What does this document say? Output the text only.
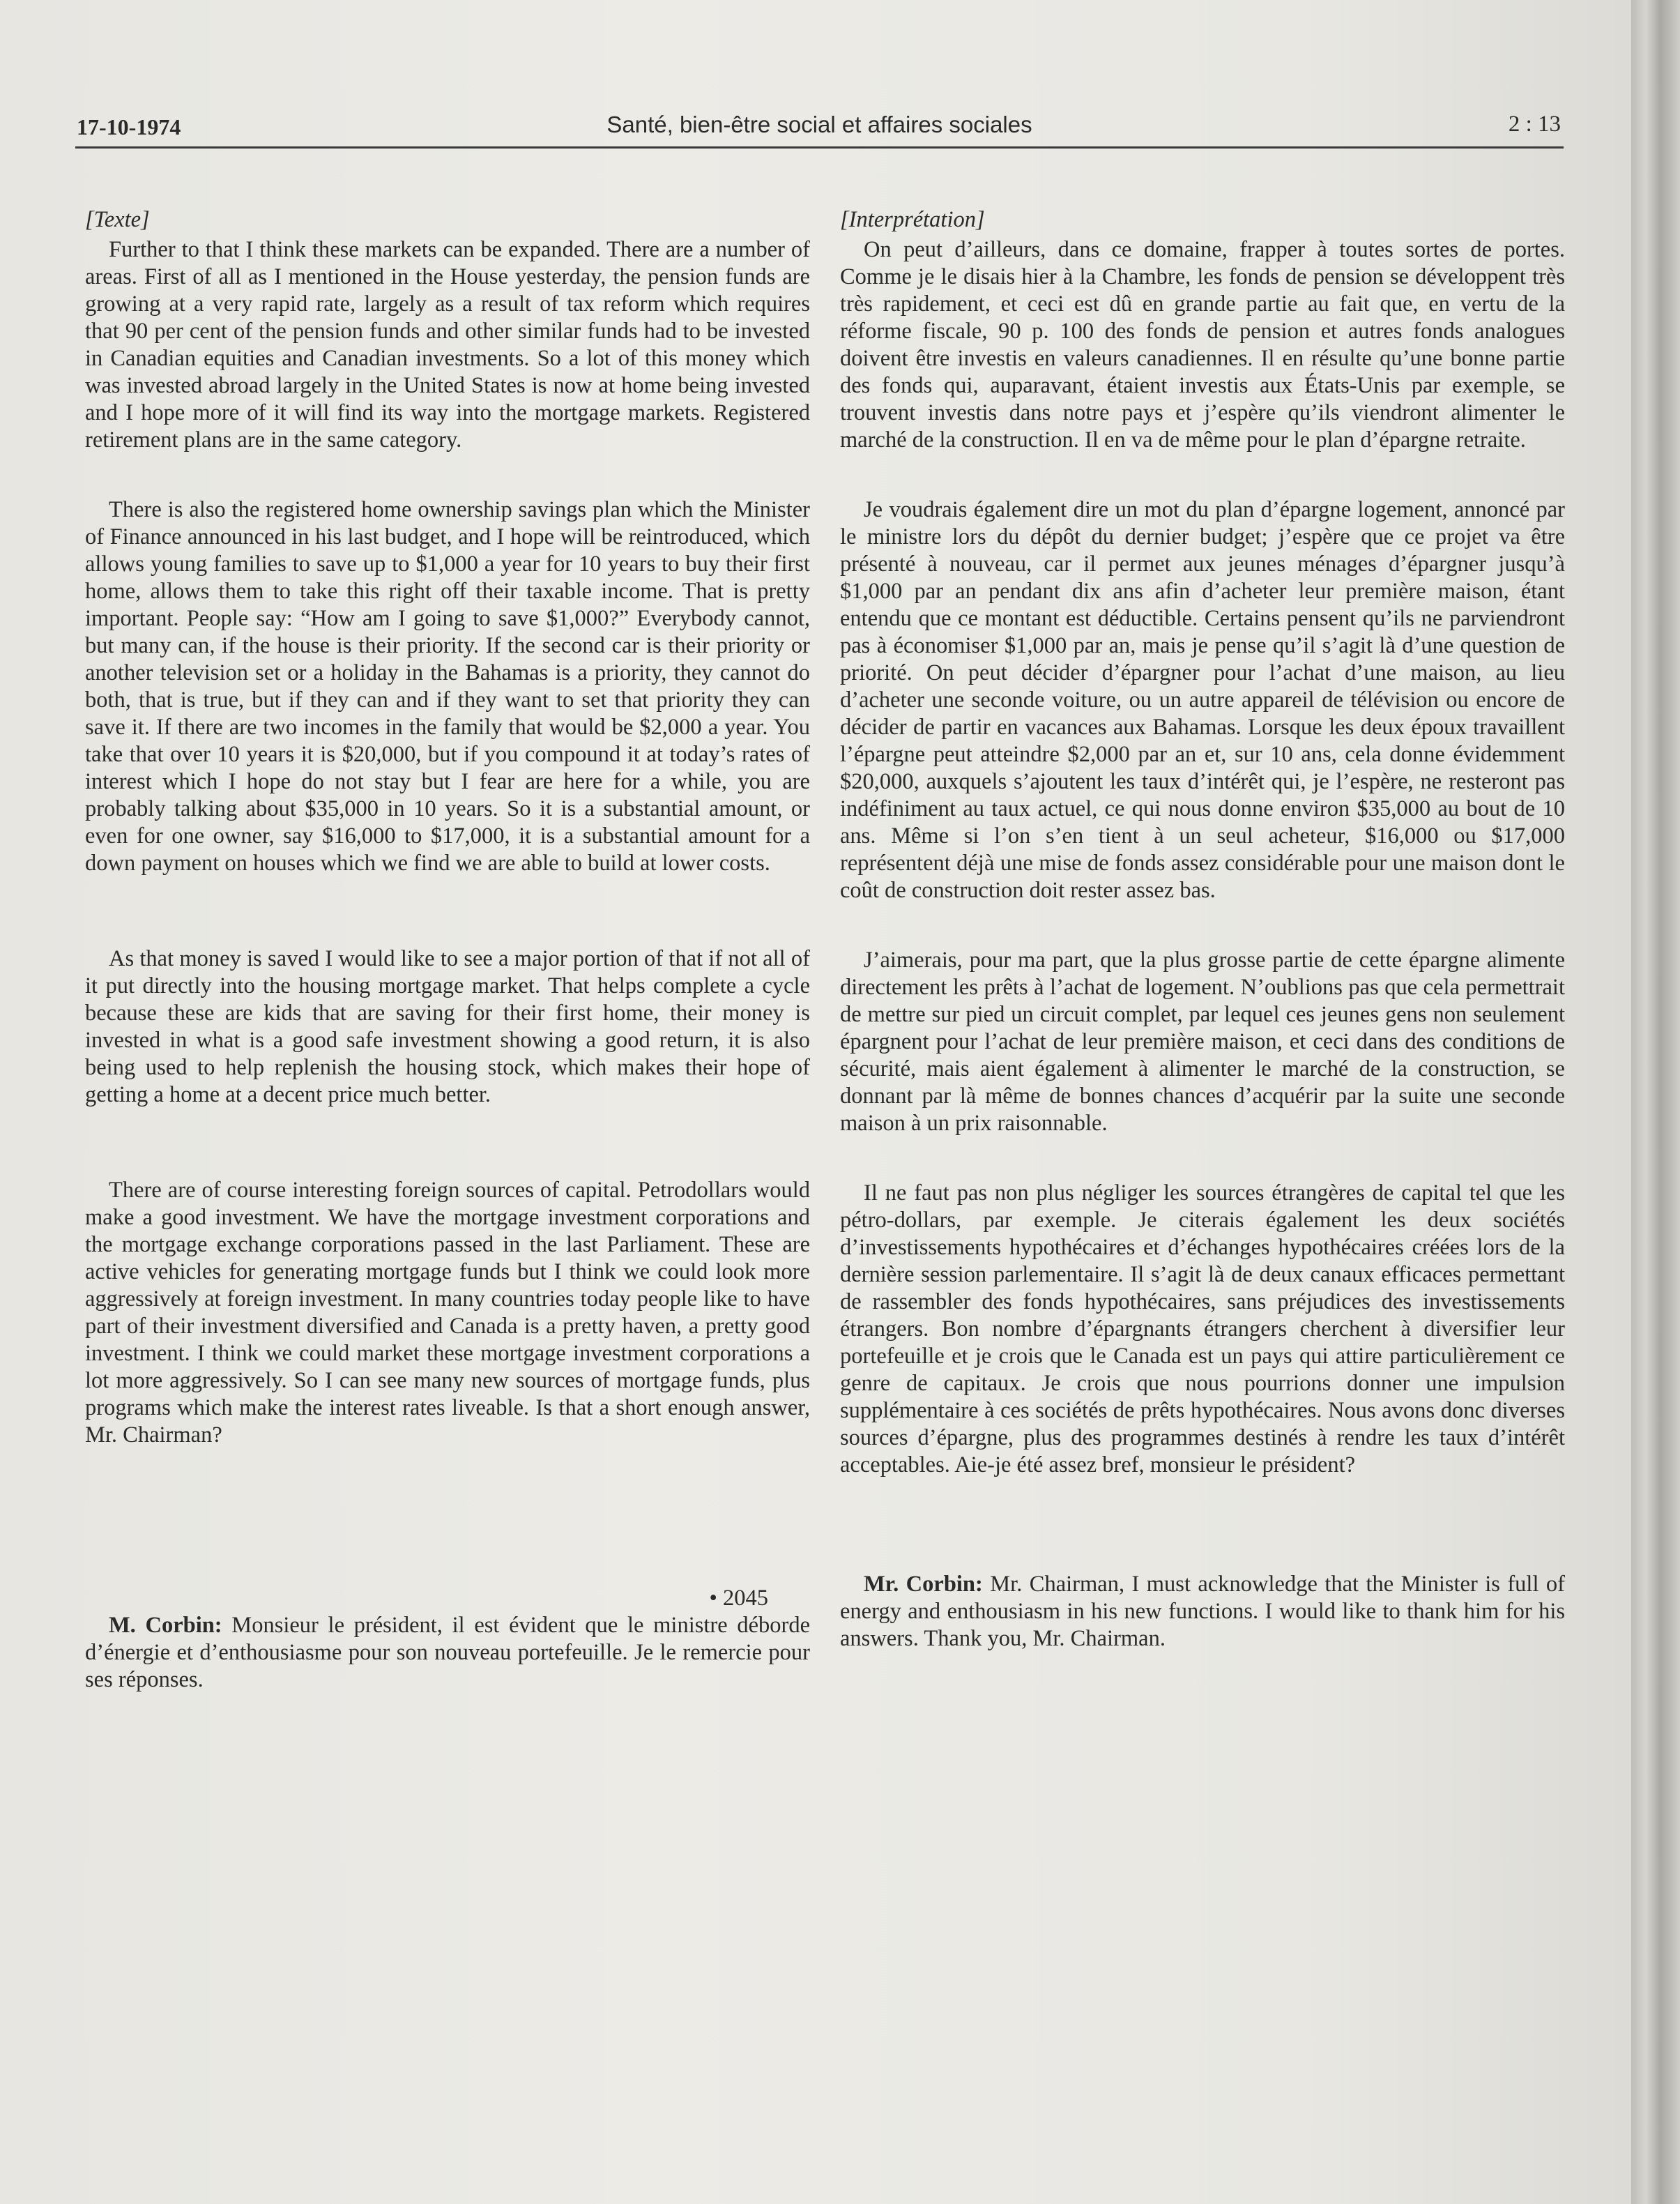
17-10-1974	Santé, bien-être social et affaires sociales	2 : 13
[Texte]

Further to that I think these markets can be expanded. There are a number of areas. First of all as I mentioned in the House yesterday, the pension funds are growing at a very rapid rate, largely as a result of tax reform which requires that 90 per cent of the pension funds and other similar funds had to be invested in Canadian equities and Canadian investments. So a lot of this money which was invested abroad largely in the United States is now at home being invested and I hope more of it will find its way into the mortgage markets. Registered retirement plans are in the same category.

There is also the registered home ownership savings plan which the Minister of Finance announced in his last budget, and I hope will be reintroduced, which allows young families to save up to $1,000 a year for 10 years to buy their first home, allows them to take this right off their taxable income. That is pretty important. People say: “How am I going to save $1,000?” Everybody cannot, but many can, if the house is their priority. If the second car is their priority or another television set or a holiday in the Bahamas is a priority, they cannot do both, that is true, but if they can and if they want to set that priority they can save it. If there are two incomes in the family that would be $2,000 a year. You take that over 10 years it is $20,000, but if you compound it at today’s rates of interest which I hope do not stay but I fear are here for a while, you are probably talking about $35,000 in 10 years. So it is a substantial amount, or even for one owner, say $16,000 to $17,000, it is a substantial amount for a down payment on houses which we find we are able to build at lower costs.

As that money is saved I would like to see a major portion of that if not all of it put directly into the housing mortgage market. That helps complete a cycle because these are kids that are saving for their first home, their money is invested in what is a good safe investment showing a good return, it is also being used to help replenish the housing stock, which makes their hope of getting a home at a decent price much better.

There are of course interesting foreign sources of capital. Petrodollars would make a good investment. We have the mortgage investment corporations and the mortgage exchange corporations passed in the last Parliament. These are active vehicles for generating mortgage funds but I think we could look more aggressively at foreign investment. In many countries today people like to have part of their investment diversified and Canada is a pretty haven, a pretty good investment. I think we could market these mortgage investment corporations a lot more aggressively. So I can see many new sources of mortgage funds, plus programs which make the interest rates liveable. Is that a short enough answer, Mr. Chairman?

• 2045

M. Corbin: Monsieur le président, il est évident que le ministre déborde d’énergie et d’enthousiasme pour son nouveau portefeuille. Je le remercie pour ses réponses.

[Interprétation]

On peut d’ailleurs, dans ce domaine, frapper à toutes sortes de portes. Comme je le disais hier à la Chambre, les fonds de pension se développent très très rapidement, et ceci est dû en grande partie au fait que, en vertu de la réforme fiscale, 90 p. 100 des fonds de pension et autres fonds analogues doivent être investis en valeurs canadiennes. Il en résulte qu’une bonne partie des fonds qui, auparavant, étaient investis aux États-Unis par exemple, se trouvent investis dans notre pays et j’espère qu’ils viendront alimenter le marché de la construction. Il en va de même pour le plan d’épargne retraite.

Je voudrais également dire un mot du plan d’épargne logement, annoncé par le ministre lors du dépôt du dernier budget; j’espère que ce projet va être présenté à nouveau, car il permet aux jeunes ménages d’épargner jusqu’à $1,000 par an pendant dix ans afin d’acheter leur première maison, étant entendu que ce montant est déductible. Certains pensent qu’ils ne parviendront pas à économiser $1,000 par an, mais je pense qu’il s’agit là d’une question de priorité. On peut décider d’épargner pour l’achat d’une maison, au lieu d’acheter une seconde voiture, ou un autre appareil de télévision ou encore de décider de partir en vacances aux Bahamas. Lorsque les deux époux travaillent l’épargne peut atteindre $2,000 par an et, sur 10 ans, cela donne évidemment $20,000, auxquels s’ajoutent les taux d’intérêt qui, je l’espère, ne resteront pas indéfiniment au taux actuel, ce qui nous donne environ $35,000 au bout de 10 ans. Même si l’on s’en tient à un seul acheteur, $16,000 ou $17,000 représentent déjà une mise de fonds assez considérable pour une maison dont le coût de construction doit rester assez bas.

J’aimerais, pour ma part, que la plus grosse partie de cette épargne alimente directement les prêts à l’achat de logement. N’oublions pas que cela permettrait de mettre sur pied un circuit complet, par lequel ces jeunes gens non seulement épargnent pour l’achat de leur première maison, et ceci dans des conditions de sécurité, mais aient également à alimenter le marché de la construction, se donnant par là même de bonnes chances d’acquérir par la suite une seconde maison à un prix raisonnable.

Il ne faut pas non plus négliger les sources étrangères de capital tel que les pétro-dollars, par exemple. Je citerais également les deux sociétés d’investissements hypothécaires et d’échanges hypothécaires créées lors de la dernière session parlementaire. Il s’agit là de deux canaux efficaces permettant de rassembler des fonds hypothécaires, sans préjudices des investissements étrangers. Bon nombre d’épargnants étrangers cherchent à diversifier leur portefeuille et je crois que le Canada est un pays qui attire particulièrement ce genre de capitaux. Je crois que nous pourrions donner une impulsion supplémentaire à ces sociétés de prêts hypothécaires. Nous avons donc diverses sources d’épargne, plus des programmes destinés à rendre les taux d’intérêt acceptables. Aie-je été assez bref, monsieur le président?

Mr. Corbin: Mr. Chairman, I must acknowledge that the Minister is full of energy and enthousiasm in his new functions. I would like to thank him for his answers. Thank you, Mr. Chairman.
